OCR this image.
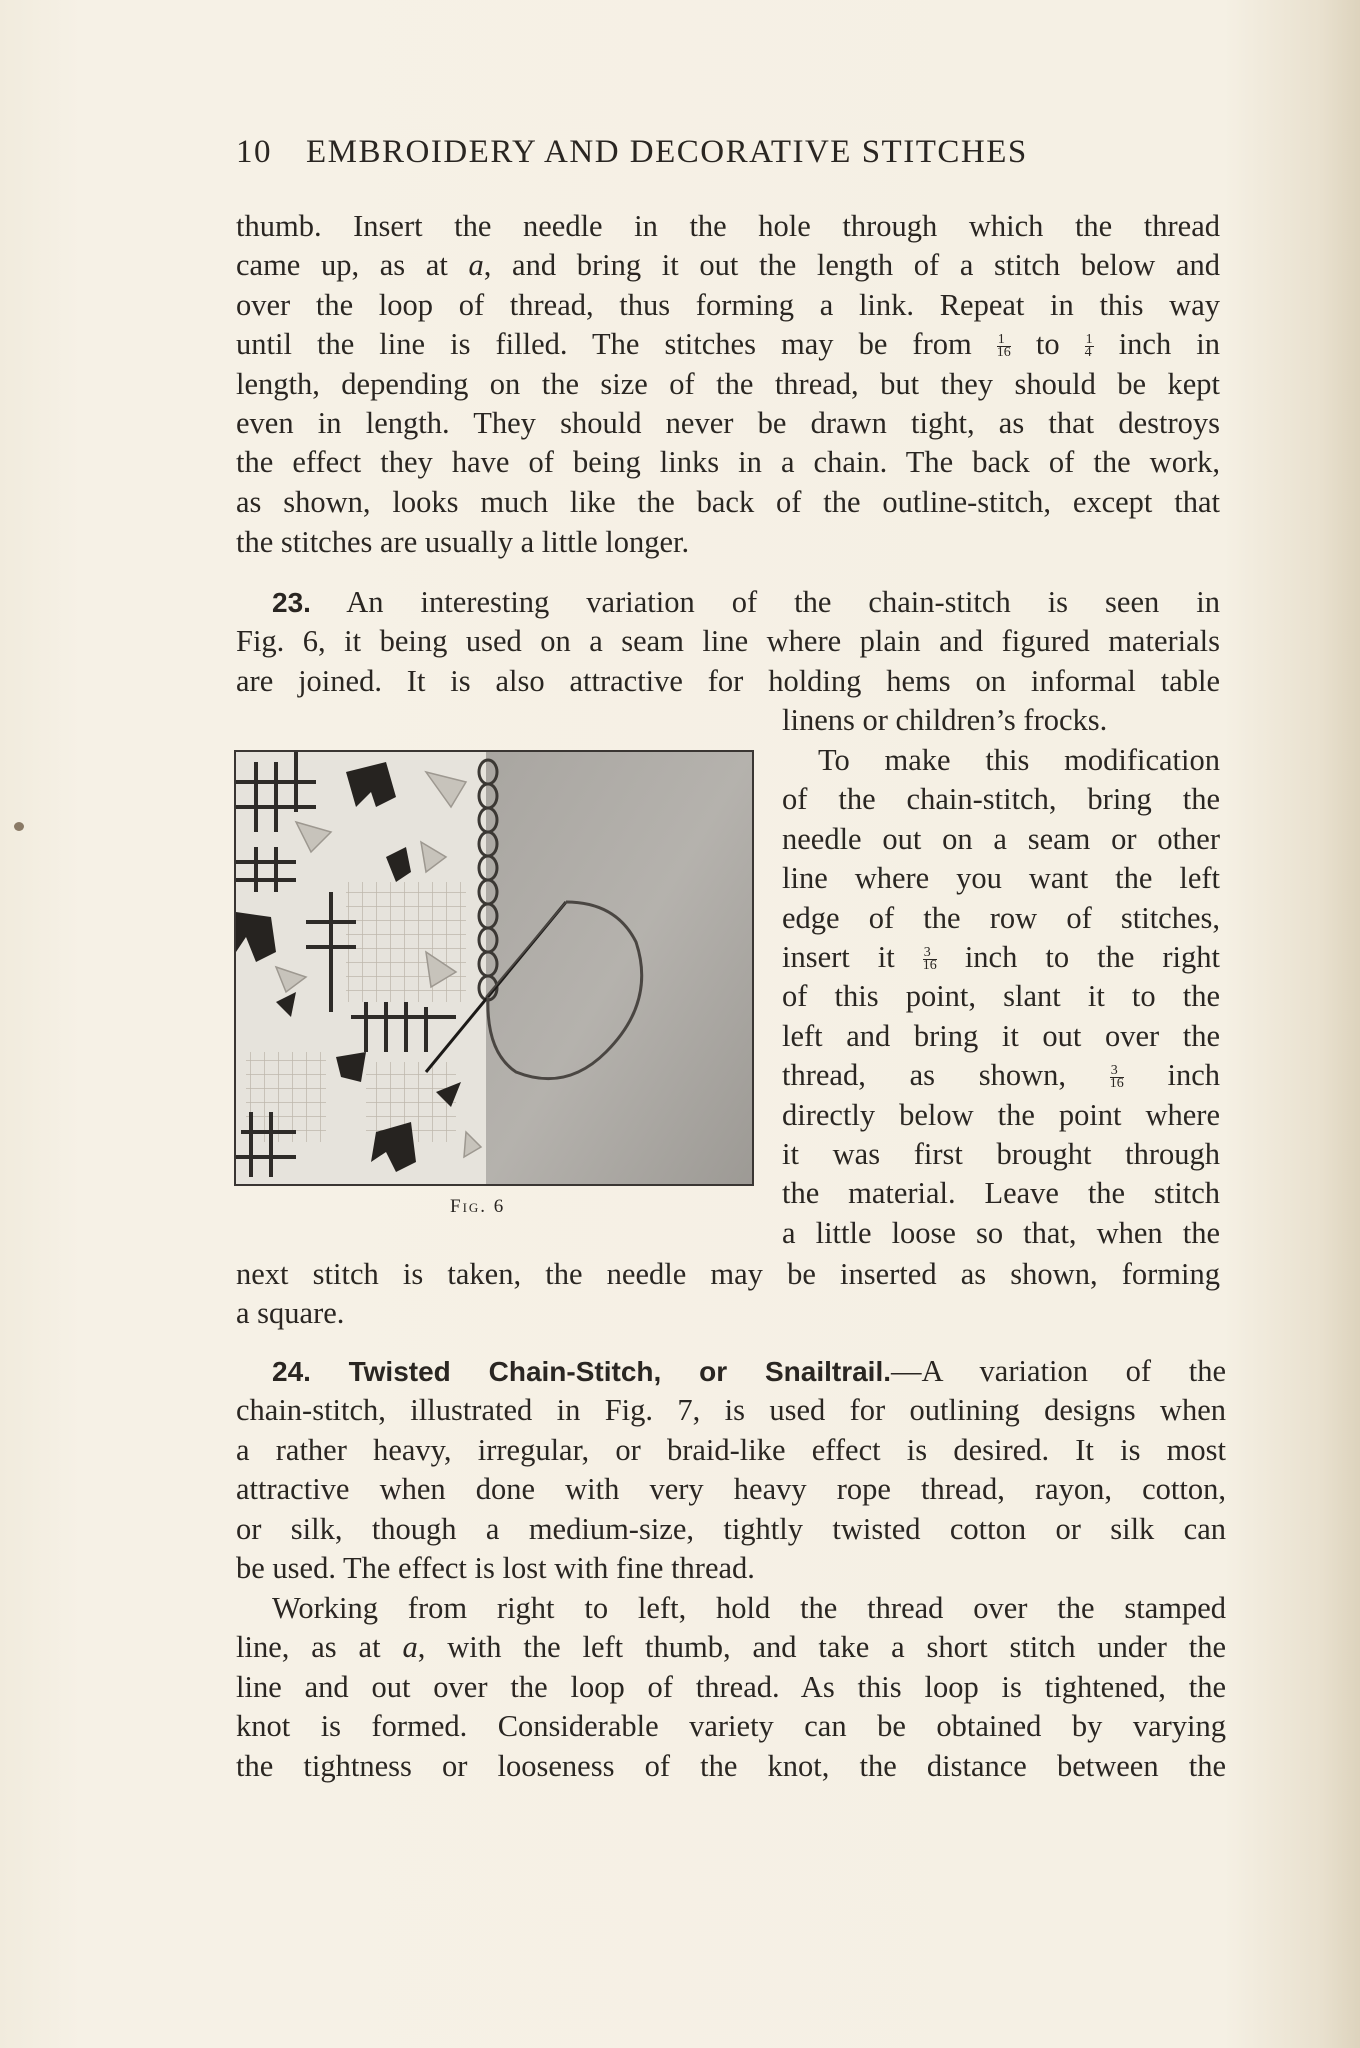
10 EMBROIDERY AND DECORATIVE STITCHES

thumb. Insert the needle in the hole through which the thread
came up, as at a, and bring it out the length of a stitch below and
over the loop of thread, thus forming a link. Repeat in this way
until the line is filled. The stitches may be from $\frac{1}{16}$ to $\frac{1}{4}$ inch in
length, depending on the size of the thread, but they should be kept
even in length. They should never be drawn tight, as that destroys
the effect they have of being links in a chain. The back of the work,
as shown, looks much like the back of the outline-stitch, except that

the stitches are usually a little longer.

23. An interesting variation of the chain-stitch is seen in
Fig. 6, it being used on a seam line where plain and figured materials
are joined. It is also attractive for holding hems on informal table

linens or children’s frocks.

Fig. 6

To make this modification
of the chain-stitch, bring the
needle out on a seam or other
line where you want the left
edge of the row of stitches,
insert it $\frac{3}{16}$ inch to the right
of this point, slant it to the
left and bring it out over the
thread, as shown,	$\frac{3}{16}$ inch
directly below the point where
it was first brought through
the material. Leave the stitch
a little loose so that, when the

next stitch is taken, the needle may be inserted as shown, forming

a square.

24. Twisted Chain-Stitch, or Snailtrail.—A variation of the
chain-stitch, illustrated in Fig. 7, is used for outlining designs when
a rather heavy, irregular, or braid-like effect is desired. It is most
attractive when done with very heavy rope thread, rayon, cotton,
or silk, though a medium-size, tightly twisted cotton or silk can

be used. The effect is lost with fine thread.

Working from right to left, hold the thread over the stamped
line, as at a, with the left thumb, and take a short stitch under the
line and out over the loop of thread. As this loop is tightened, the
knot is formed. Considerable variety can be obtained by varying
the tightness or looseness of the knot, the distance between the
